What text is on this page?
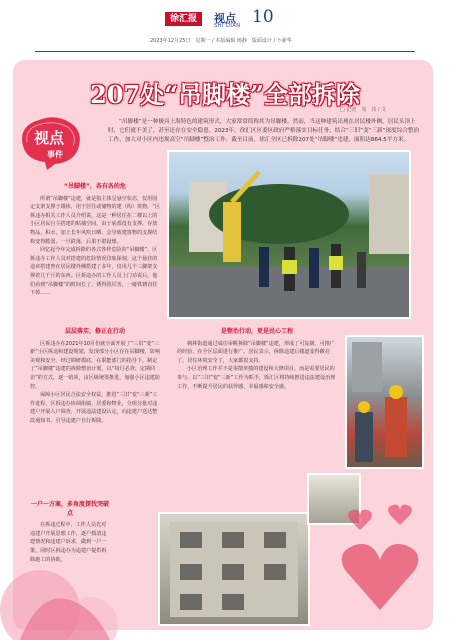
徐汇报	视点
SHI DIAN 10
2023年12月25日　星期一 / 本版编辑 杨静　版面设计 / 卜新华
207处“吊脚楼”全部拆除
□ 记者　周　伟 / 文
视点
事件
“吊脚楼”是一种极具上海特色的建筑形式，大家常常简称其为吊脚楼。然而，当这种建筑出现在居民楼外侧，居民头顶上时，它们就不美了，甚至还存在安全隐患。2023年，徐汇区区委区政府严格落实目标任务，结合“三旧”变“三新”深度综合整治工作，加大对小区内违规高空“吊脚楼”整治工作。截至目前，徐汇全区已拆除207处“吊脚楼”违建，面积达864.5平方米。
“吊脚楼”，各有各的危

所谓“吊脚楼”违建，就是指主体呈悬空状态，仅用固定支架支撑于墙体，用于居住或储物的建（构）筑物。“区拆违办相关工作人员介绍说，这是一种居住在二楼以上的小区居民自主搭建的贴墙空间，由于底部没有支撑，存放物品，积水，加上长年风吹日晒，会导致建筑物的支撑结构变得脆弱，一旦跌落，后果不堪设想。

回忆起今年完成拆除的各式各样危险的“吊脚楼”，区拆违办工作人员对搭建的危险情况印象深刻。这个悬挂的违章搭建曾在居民楼外侧搭建了多年，仅用几个三脚架支撑着几千斤的东西。区拆违办的工作人员上门劝说后，他们看到“吊脚楼”的时间长了，锈得很厉害，一碰铁锈直往下掉……

层层落实，修正在行动

区拆违办在2021年10月份就全面开展了“三旧”变“三新”小区拆违和建设规划，发现部分小区存在吊脚楼，影响美观和安全。经过调研摸底，在职能部门的指导下，制定了“吊脚楼”违建的拆除整治计划，以“每月必查、定期回访”的方式，逐一销项，由区级统筹推进，加强小区违建防控。

保障小区居民合法安全权益，推进“三旧”变“三新”工作进程，区拆违办协调街镇、居委和物业，分组分批对违建户开展入户调查，开展违法建设认定，向违建户送达整改通知书，引导违建户自行拆除。

一户一方案，多角度探找突破点

在拆违过程中，工作人员先对违建户开展思想工作，逐户摸清违建情况和违建户诉求，做到一户一策，同时区拆违办为违建户提供拆除施工的协助。

是整治行动，更是民心工程

枫林街道通过成功零帆拆除“吊脚楼”违建，形成了可复制、可推广的经验，在全区层面进行推广。居民表示，拆除违建后楼道变得敞亮了，居住环境安全了，大家都很支持。

小区治理工作并不是零散单独的建设和大修项目，而是需要居民的参与，以“三旧”变“三新”工作为抓手，徐汇区将持续推进违法建设治理工作，不断提升居民的获得感、幸福感和安全感。
